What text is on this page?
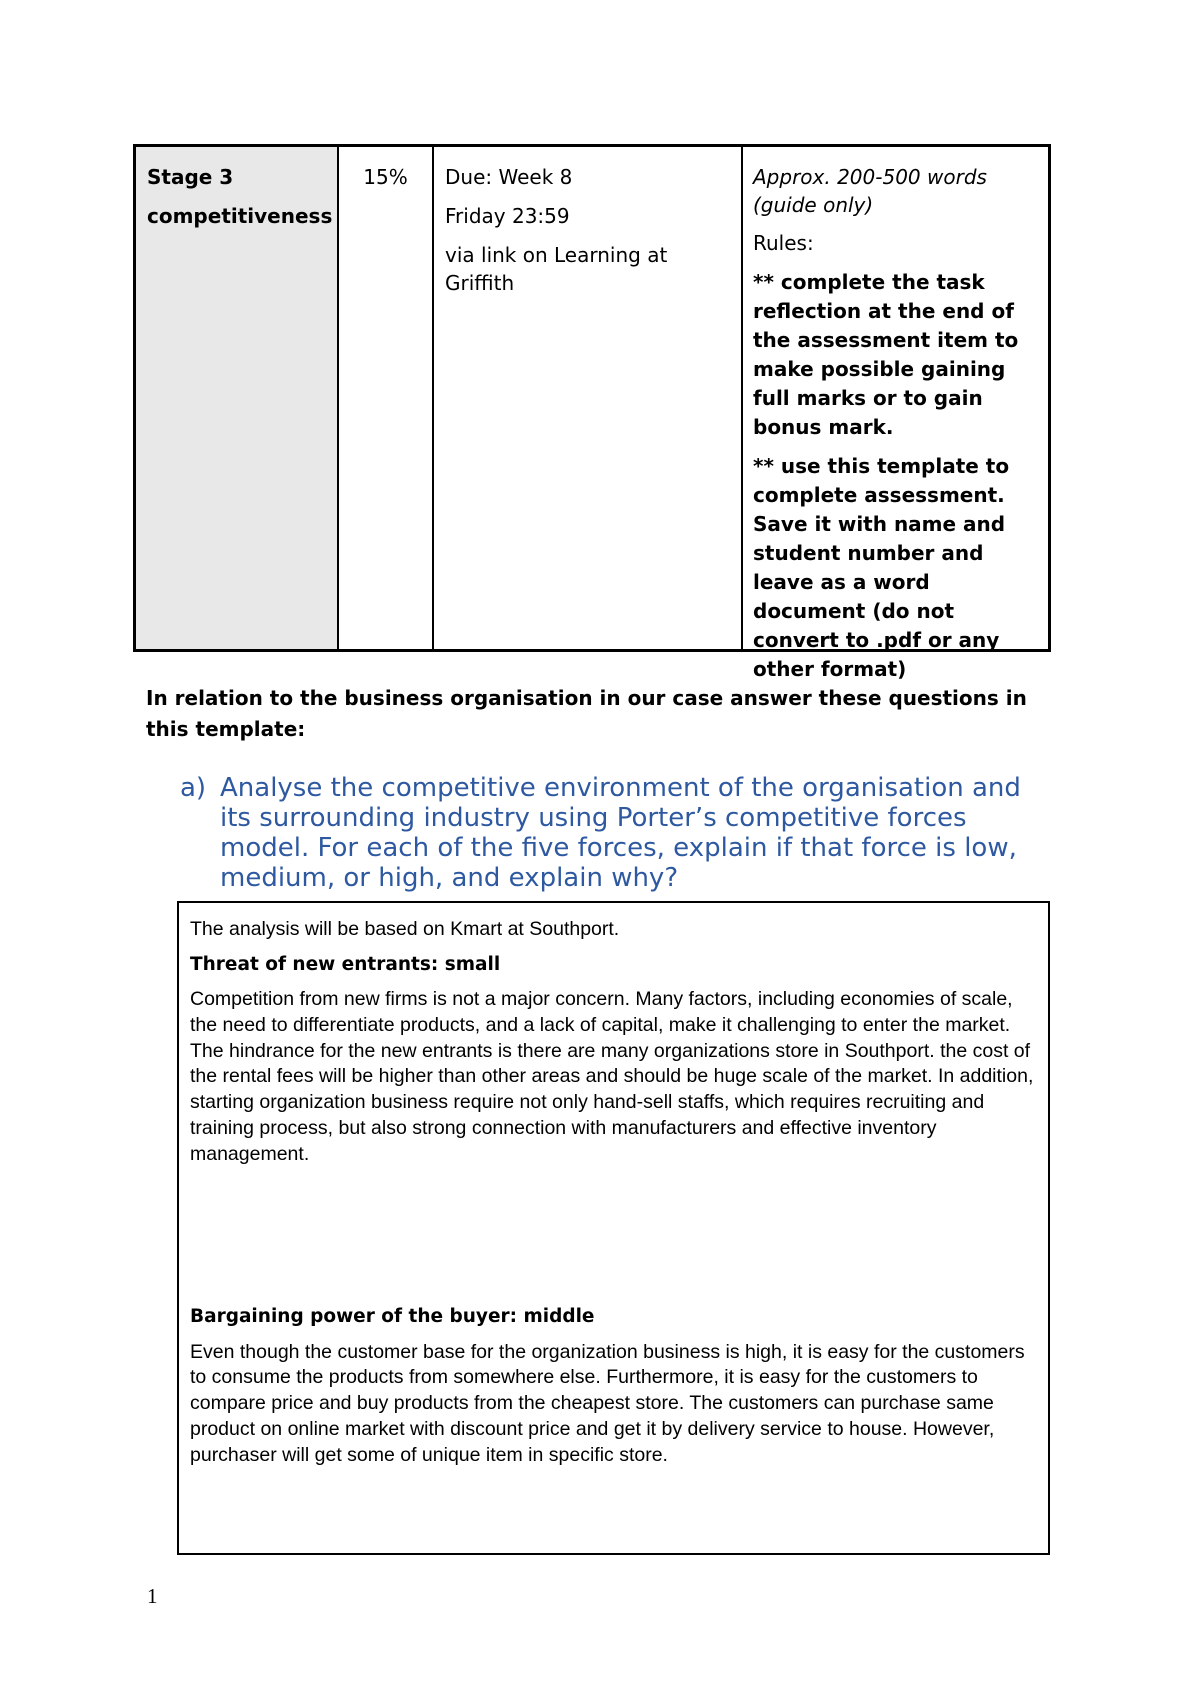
Stage 3

competitiveness

15%	Due: Week 8

Friday 23:59

via link on Learning at Griffith

Approx. 200-500 words (guide only)

Rules:

** complete the task reflection at the end of the assessment item to make possible gaining full marks or to gain bonus mark.

** use this template to complete assessment. Save it with name and student number and leave as a word document (do not convert to .pdf or any other format)

In relation to the business organisation in our case answer these questions in this template:
a) Analyse the competitive environment of the organisation and its surrounding industry using Porter’s competitive forces model. For each of the five forces, explain if that force is low, medium, or high, and explain why?

The analysis will be based on Kmart at Southport.

Threat of new entrants: small

Competition from new firms is not a major concern. Many factors, including economies of scale, the need to differentiate products, and a lack of capital, make it challenging to enter the market. The hindrance for the new entrants is there are many organizations store in Southport. the cost of the rental fees will be higher than other areas and should be huge scale of the market. In addition, starting organization business require not only hand-sell staffs, which requires recruiting and training process, but also strong connection with manufacturers and effective inventory management.

Bargaining power of the buyer: middle

Even though the customer base for the organization business is high, it is easy for the customers to consume the products from somewhere else. Furthermore, it is easy for the customers to compare price and buy products from the cheapest store. The customers can purchase same product on online market with discount price and get it by delivery service to house. However, purchaser will get some of unique item in specific store.

1
